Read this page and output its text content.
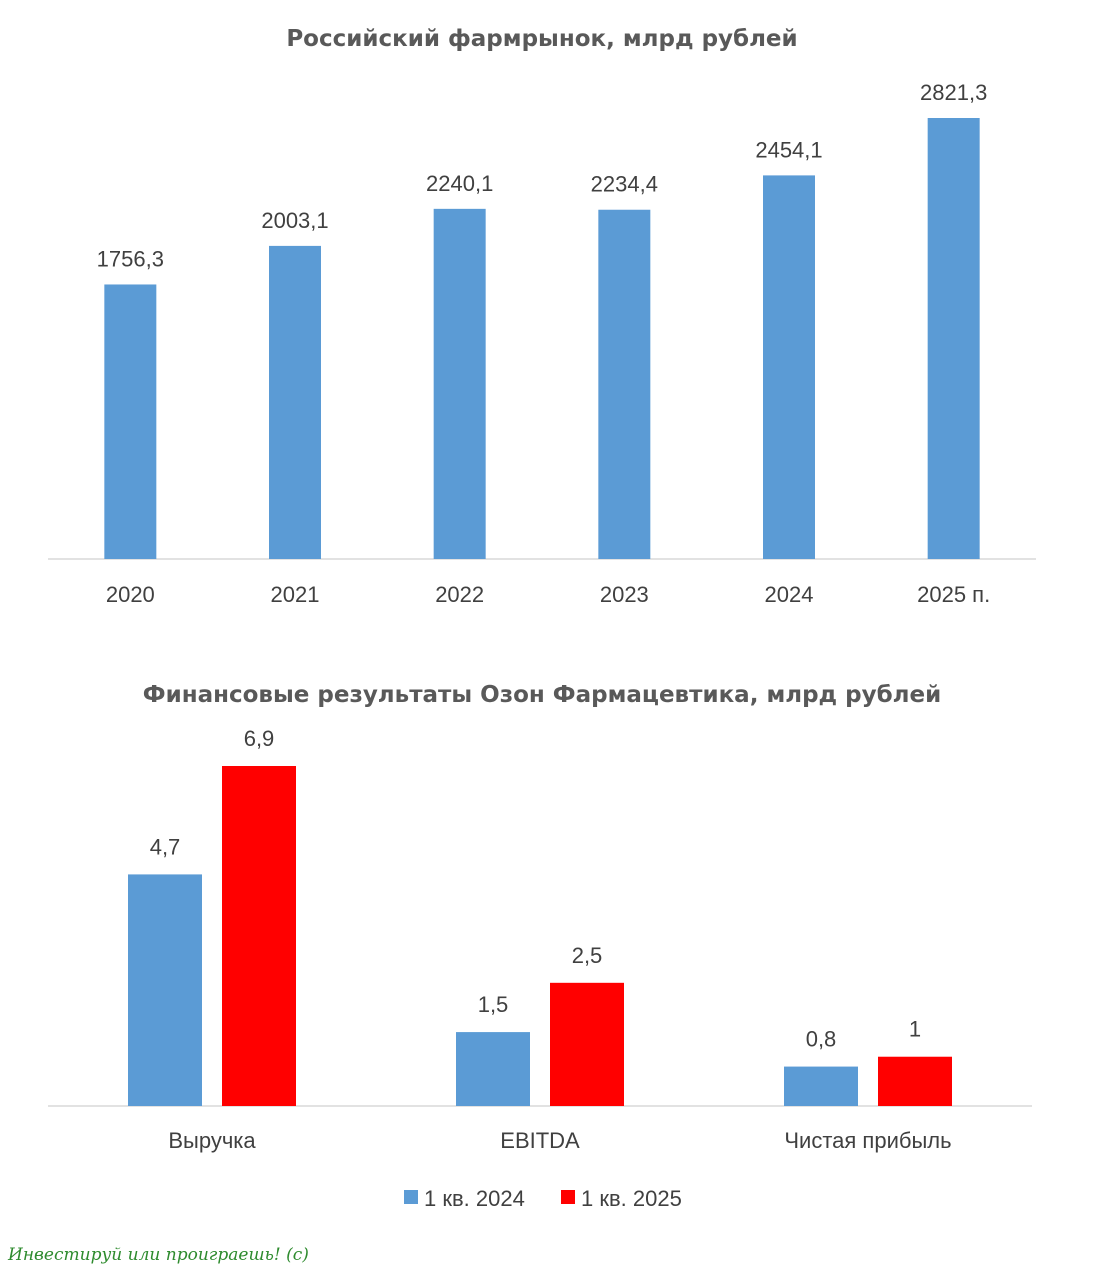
Российский фармрынок, млрд рублей
1756,3
2003,1
2240,1	2234,4
2454,1
2821,3
2020	2021	2022	2023	2024	2025 п.
Финансовые результаты Озон Фармацевтика, млрд рублей
4,7
6,9
1,5
2,5
0,8	1
Выручка	EBITDA	Чистая прибыль
1 кв. 2024	1 кв. 2025
Инвестируй или проиграешь! (с)
